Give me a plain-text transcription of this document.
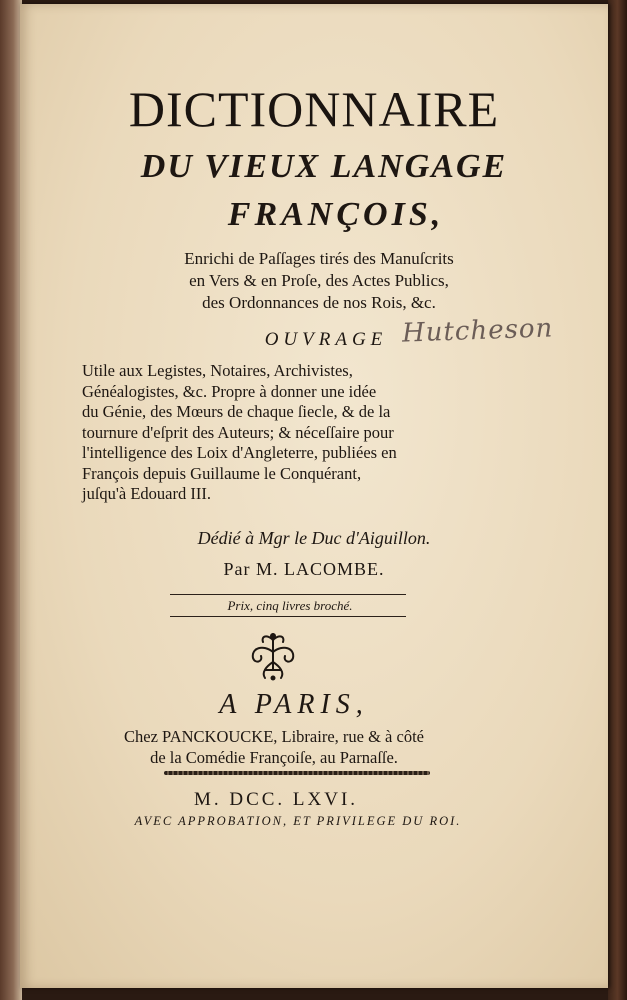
DICTIONNAIRE
DU VIEUX LANGAGE
FRANÇOIS,
Enrichi de Paſſages tirés des Manuſcrits
en Vers & en Proſe, des Actes Publics,
des Ordonnances de nos Rois, &c.
OUVRAGE Hutcheson
Utile aux Legistes, Notaires, Archivistes,
Généalogistes, &c. Propre à donner une idée
du Génie, des Mœurs de chaque ſiecle, & de la
tournure d'eſprit des Auteurs; & néceſſaire pour
l'intelligence des Loix d'Angleterre, publiées en
François depuis Guillaume le Conquérant,
juſqu'à Edouard III.
Dédié à Mgr le Duc d'Aiguillon.
Par M. LACOMBE.
Prix, cinq livres broché.
A PARIS,
Chez PANCKOUCKE, Libraire, rue & à côté
de la Comédie Françoiſe, au Parnaſſe.
M. DCC. LXVI.
AVEC APPROBATION, ET PRIVILEGE DU ROI.
